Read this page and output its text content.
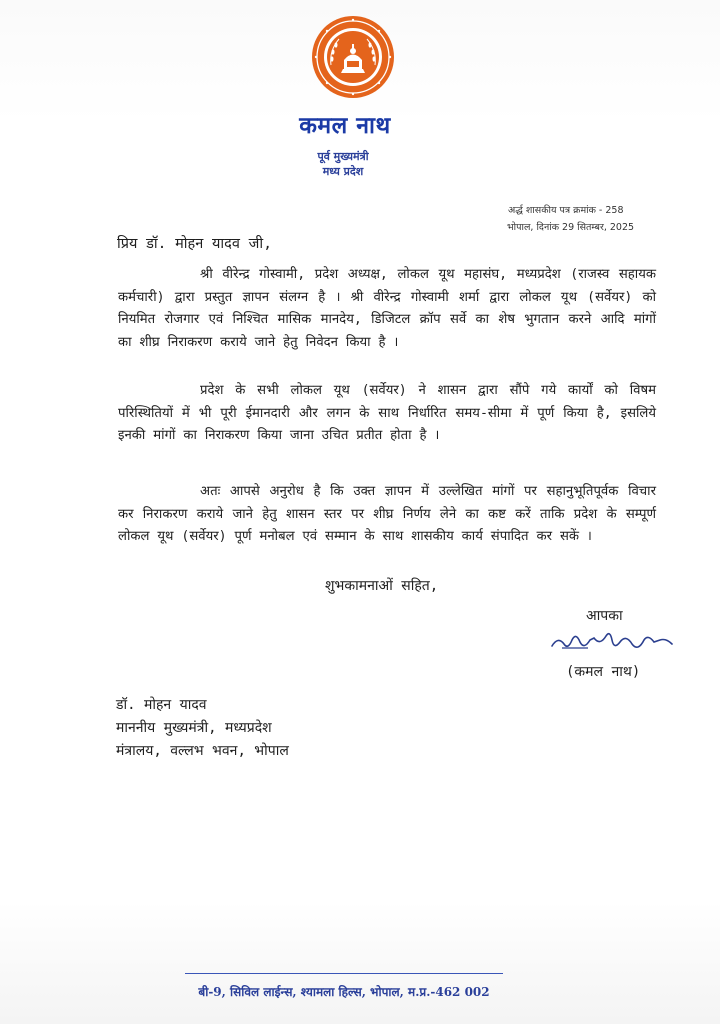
कमल नाथ
पूर्व मुख्यमंत्री
मध्य प्रदेश
अर्द्ध शासकीय पत्र क्रमांक - 258
भोपाल, दिनांक 29 सितम्बर, 2025
प्रिय डॉ. मोहन यादव जी,
श्री वीरेन्द्र गोस्वामी, प्रदेश अध्यक्ष, लोकल यूथ महासंघ, मध्यप्रदेश (राजस्व सहायक कर्मचारी) द्वारा प्रस्तुत ज्ञापन संलग्न है । श्री वीरेन्द्र गोस्वामी शर्मा द्वारा लोकल यूथ (सर्वेयर) को नियमित रोजगार एवं निश्चित मासिक मानदेय, डिजिटल क्रॉप सर्वे का शेष भुगतान करने आदि मांगों का शीघ्र निराकरण कराये जाने हेतु निवेदन किया है ।
प्रदेश के सभी लोकल यूथ (सर्वेयर) ने शासन द्वारा सौंपे गये कार्यों को विषम परिस्थितियों में भी पूरी ईमानदारी और लगन के साथ निर्धारित समय-सीमा में पूर्ण किया है, इसलिये इनकी मांगों का निराकरण किया जाना उचित प्रतीत होता है ।
अतः आपसे अनुरोध है कि उक्त ज्ञापन में उल्लेखित मांगों पर सहानुभूतिपूर्वक विचार कर निराकरण कराये जाने हेतु शासन स्तर पर शीघ्र निर्णय लेने का कष्ट करें ताकि प्रदेश के सम्पूर्ण लोकल यूथ (सर्वेयर) पूर्ण मनोबल एवं सम्मान के साथ शासकीय कार्य संपादित कर सकें ।
शुभकामनाओं सहित,
आपका
(कमल नाथ)
डॉ. मोहन यादव
माननीय मुख्यमंत्री, मध्यप्रदेश
मंत्रालय, वल्लभ भवन, भोपाल
बी-9, सिविल लाईन्स, श्यामला हिल्स, भोपाल, म.प्र.-462 002
